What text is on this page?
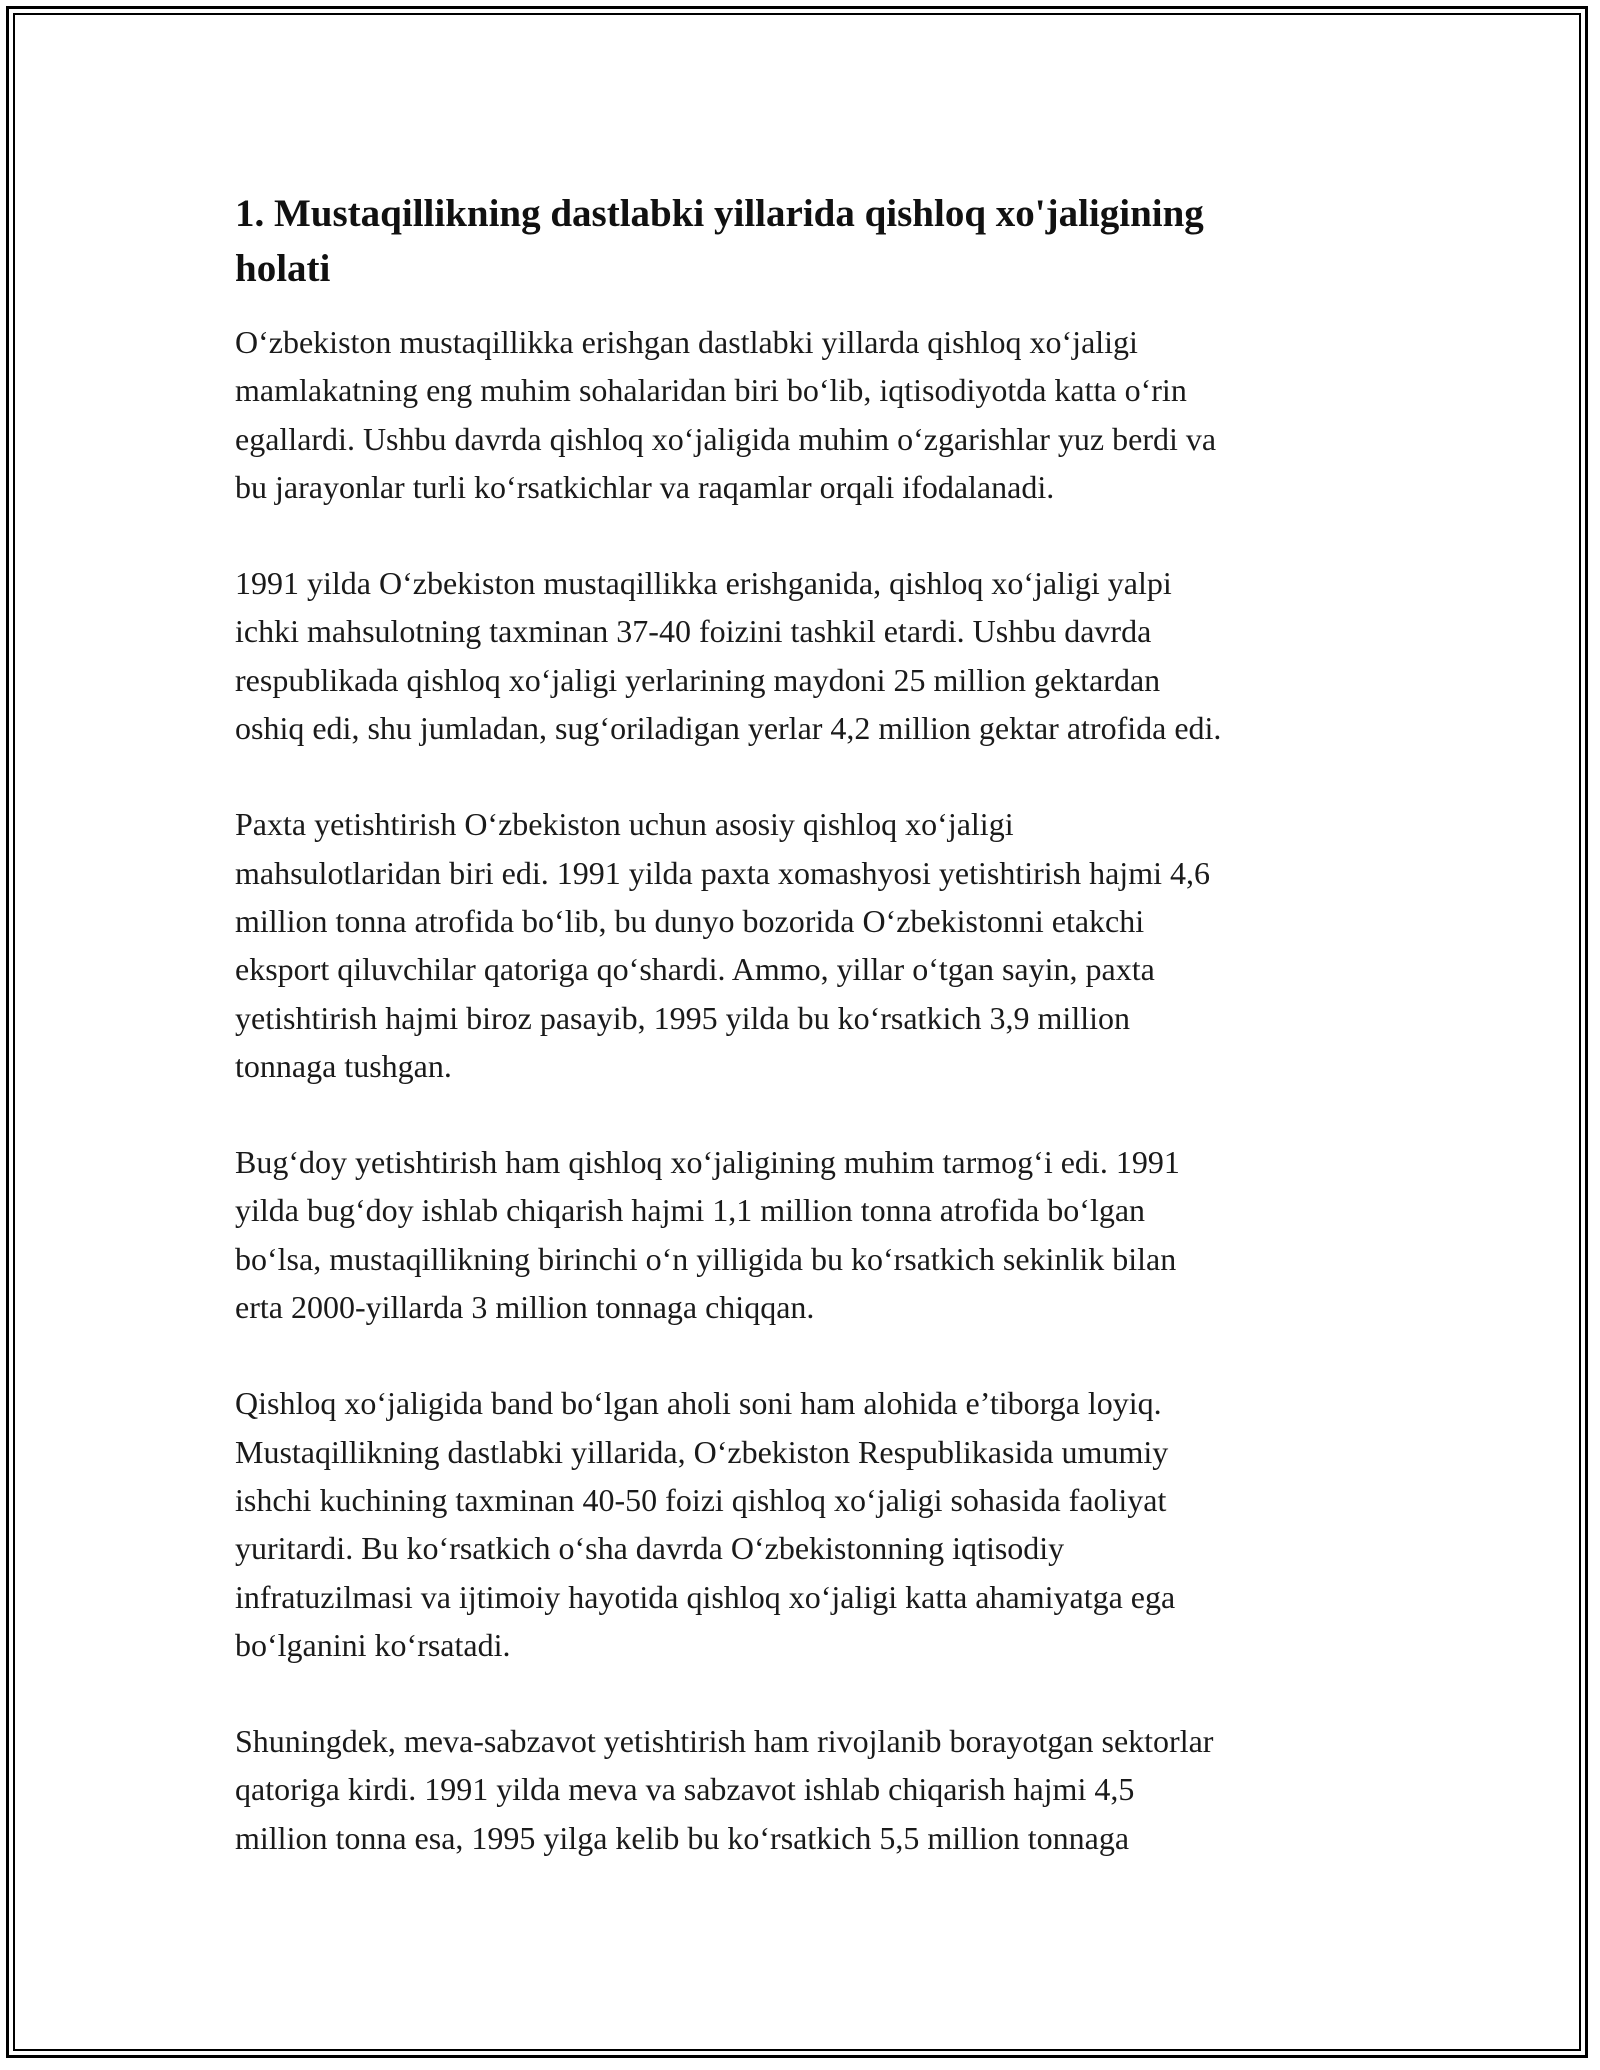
1. Mustaqillikning dastlabki yillarida qishloq xo'jaligining
holati

O‘zbekiston mustaqillikka erishgan dastlabki yillarda qishloq xo‘jaligi
mamlakatning eng muhim sohalaridan biri bo‘lib, iqtisodiyotda katta o‘rin
egallardi. Ushbu davrda qishloq xo‘jaligida muhim o‘zgarishlar yuz berdi va
bu jarayonlar turli ko‘rsatkichlar va raqamlar orqali ifodalanadi.

1991 yilda O‘zbekiston mustaqillikka erishganida, qishloq xo‘jaligi yalpi
ichki mahsulotning taxminan 37-40 foizini tashkil etardi. Ushbu davrda
respublikada qishloq xo‘jaligi yerlarining maydoni 25 million gektardan
oshiq edi, shu jumladan, sug‘oriladigan yerlar 4,2 million gektar atrofida edi.

Paxta yetishtirish O‘zbekiston uchun asosiy qishloq xo‘jaligi
mahsulotlaridan biri edi. 1991 yilda paxta xomashyosi yetishtirish hajmi 4,6
million tonna atrofida bo‘lib, bu dunyo bozorida O‘zbekistonni etakchi
eksport qiluvchilar qatoriga qo‘shardi. Ammo, yillar o‘tgan sayin, paxta
yetishtirish hajmi biroz pasayib, 1995 yilda bu ko‘rsatkich 3,9 million
tonnaga tushgan.

Bug‘doy yetishtirish ham qishloq xo‘jaligining muhim tarmog‘i edi. 1991
yilda bug‘doy ishlab chiqarish hajmi 1,1 million tonna atrofida bo‘lgan
bo‘lsa, mustaqillikning birinchi o‘n yilligida bu ko‘rsatkich sekinlik bilan
erta 2000-yillarda 3 million tonnaga chiqqan.

Qishloq xo‘jaligida band bo‘lgan aholi soni ham alohida e’tiborga loyiq.
Mustaqillikning dastlabki yillarida, O‘zbekiston Respublikasida umumiy
ishchi kuchining taxminan 40-50 foizi qishloq xo‘jaligi sohasida faoliyat
yuritardi. Bu ko‘rsatkich o‘sha davrda O‘zbekistonning iqtisodiy
infratuzilmasi va ijtimoiy hayotida qishloq xo‘jaligi katta ahamiyatga ega
bo‘lganini ko‘rsatadi.

Shuningdek, meva-sabzavot yetishtirish ham rivojlanib borayotgan sektorlar
qatoriga kirdi. 1991 yilda meva va sabzavot ishlab chiqarish hajmi 4,5
million tonna esa, 1995 yilga kelib bu ko‘rsatkich 5,5 million tonnaga
